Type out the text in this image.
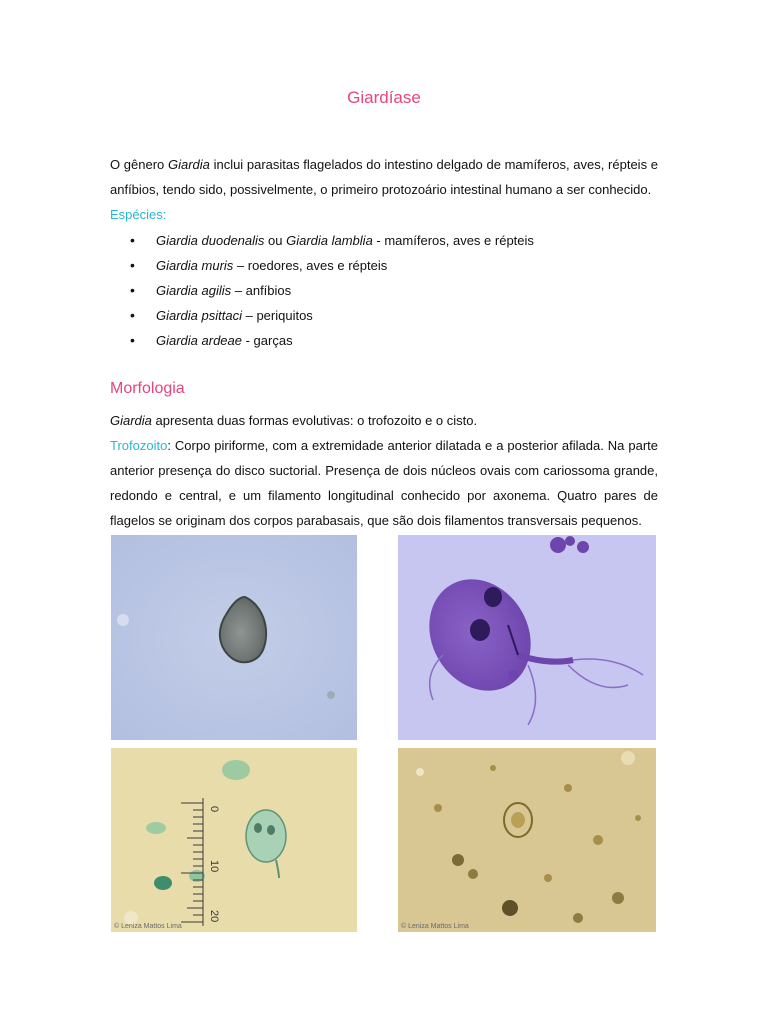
Giardíase
O gênero Giardia inclui parasitas flagelados do intestino delgado de mamíferos, aves, répteis e anfíbios, tendo sido, possivelmente, o primeiro protozoário intestinal humano a ser conhecido.
Espécies:
• Giardia duodenalis ou Giardia lamblia - mamíferos, aves e répteis
• Giardia muris – roedores, aves e répteis
• Giardia agilis – anfíbios
• Giardia psittaci – periquitos
• Giardia ardeae - garças
Morfologia
Giardia apresenta duas formas evolutivas: o trofozoito e o cisto.
Trofozoito: Corpo piriforme, com a extremidade anterior dilatada e a posterior afilada. Na parte anterior presença do disco suctorial. Presença de dois núcleos ovais com cariossoma grande, redondo e central, e um filamento longitudinal conhecido por axonema. Quatro pares de flagelos se originam dos corpos parabasais, que são dois filamentos transversais pequenos.
0
10
20
© Leniza Mattos Lima	© Leniza Mattos Lima
